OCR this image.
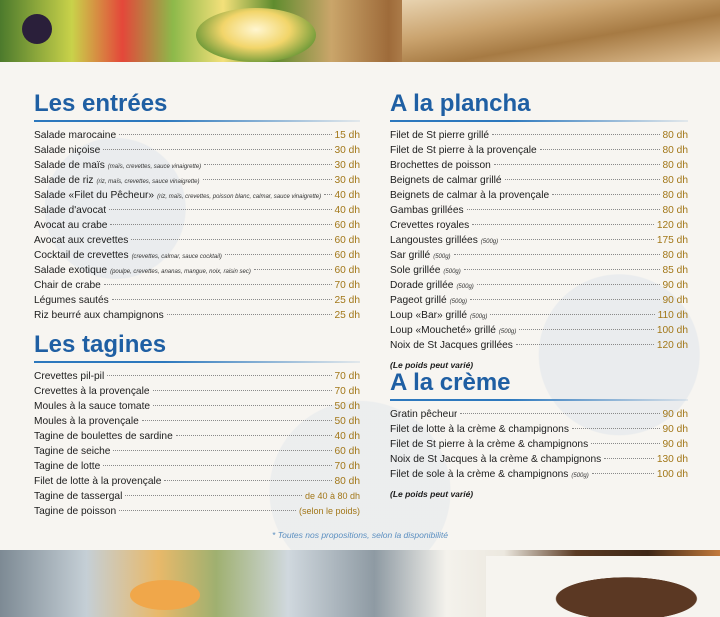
Les entrées
Salade marocaine	15 dh
Salade niçoise	30 dh
Salade de maïs (maïs, crevettes, sauce vinaigrette)	30 dh
Salade de riz (riz, maïs, crevettes, sauce vinaigrette)	30 dh
Salade «Filet du Pêcheur» (riz, maïs, crevettes, poisson blanc, calmar, sauce vinaigrette) 40 dh
Salade d'avocat	40 dh
Avocat au crabe	60 dh
Avocat aux crevettes	60 dh
Cocktail de crevettes (crevettes, calmar, sauce cocktail)	60 dh
Salade exotique (poulpe, crevettes, ananas, mangue, noix, raisin sec)	60 dh
Chair de crabe	70 dh
Légumes sautés	25 dh
Riz beurré aux champignons	25 dh
Les tagines
Crevettes pil-pil	70 dh
Crevettes à la provençale	70 dh
Moules à la sauce tomate	50 dh
Moules à la provençale	50 dh
Tagine de boulettes de sardine	40 dh
Tagine de seiche	60 dh
Tagine de lotte	70 dh
Filet de lotte à la provençale	80 dh
Tagine de tassergal	de 40 à 80 dh
Tagine de poisson	(selon le poids)
A la plancha
Filet de St pierre grillé	80 dh
Filet de St pierre à la provençale	80 dh
Brochettes de poisson	80 dh
Beignets de calmar grillé	80 dh
Beignets de calmar à la provençale	80 dh
Gambas grillées	80 dh
Crevettes royales	120 dh
Langoustes grillées (500g)	175 dh
Sar grillé (500g)	80 dh
Sole grillée (500g)	85 dh
Dorade grillée (500g)	90 dh
Pageot grillé (500g)	90 dh
Loup «Bar» grillé (500g)	110 dh
Loup «Moucheté» grillé (500g)	100 dh
Noix de St Jacques grillées	120 dh
(Le poids peut varié)
A la crème
Gratin pêcheur	90 dh
Filet de lotte à la crème & champignons	90 dh
Filet de St pierre à la crème & champignons	90 dh
Noix de St Jacques à la crème & champignons	130 dh
Filet de sole à la crème & champignons (500g)	100 dh
(Le poids peut varié)
* Toutes nos propositions, selon la disponibilité
